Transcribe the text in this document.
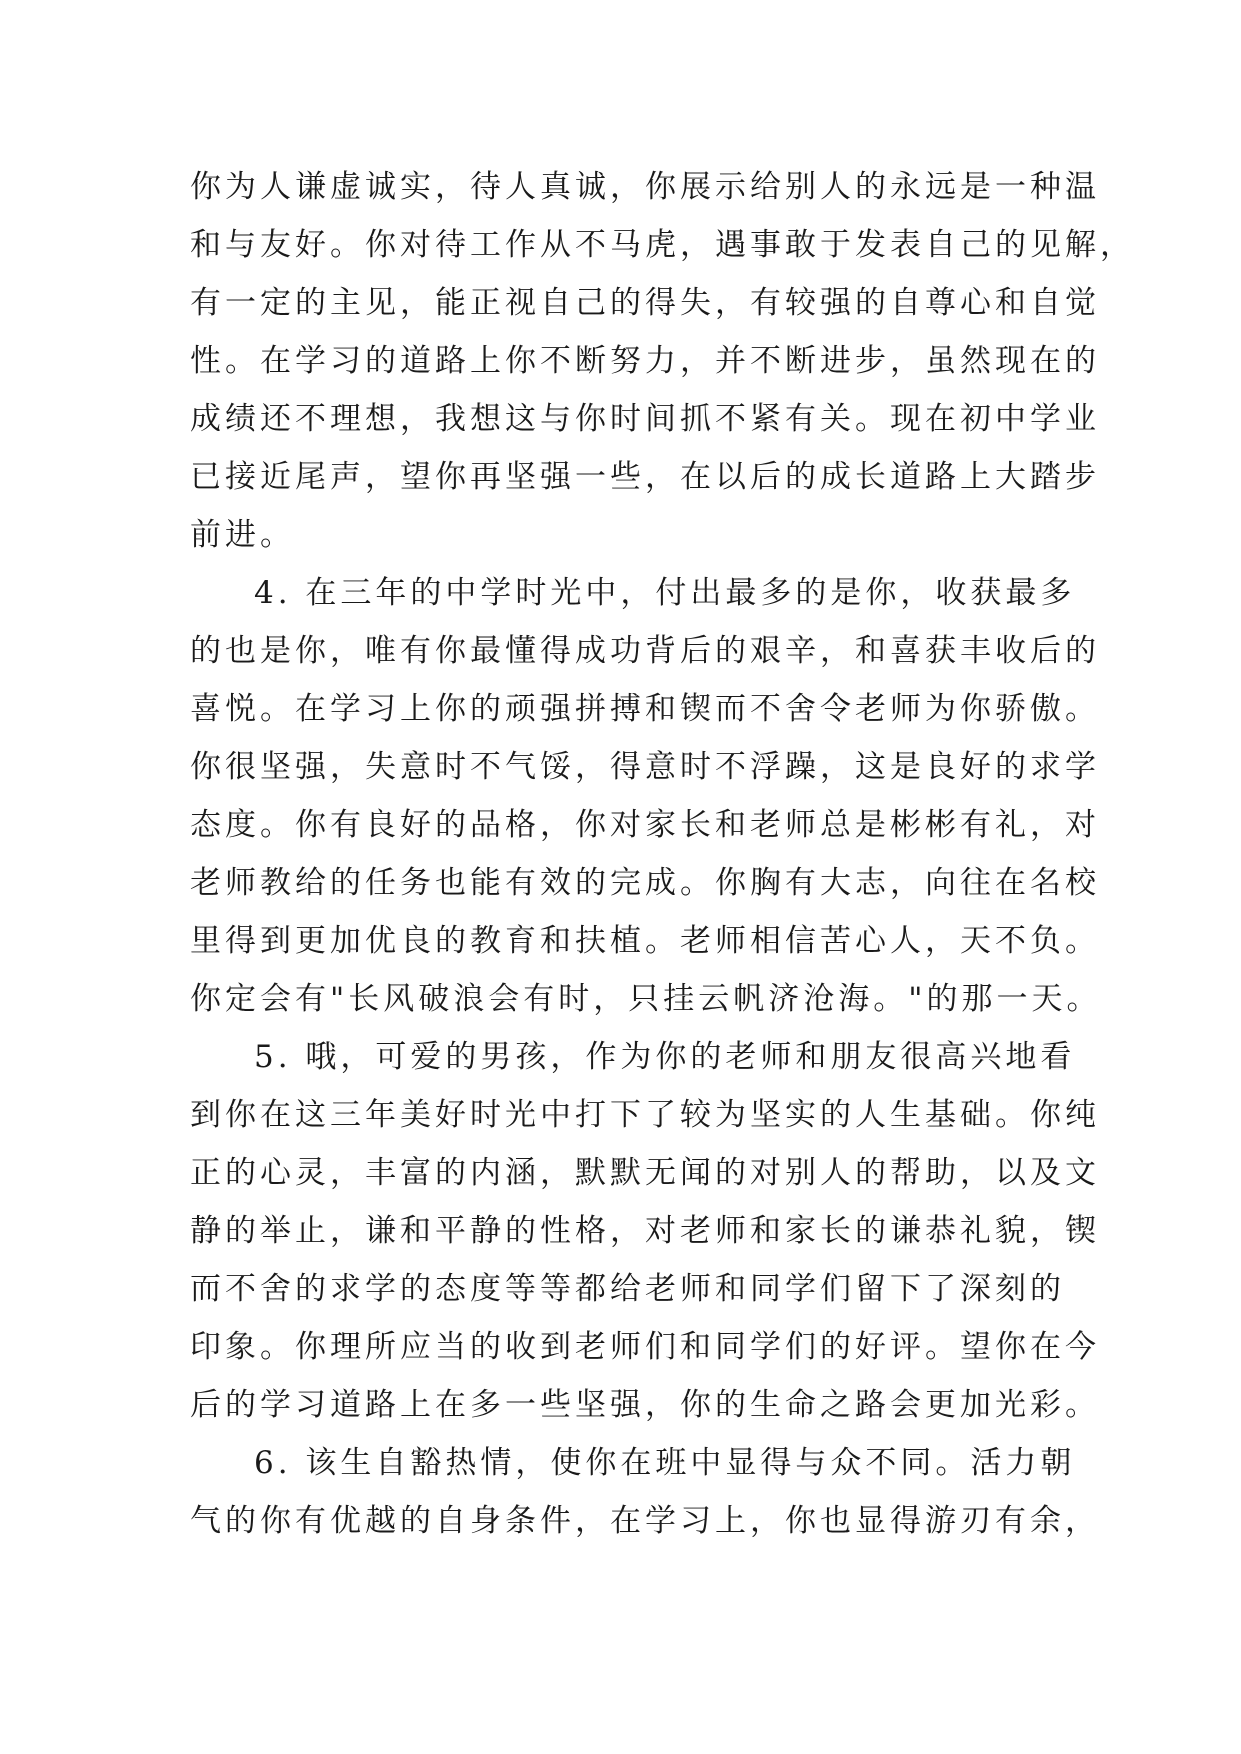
你为人谦虚诚实，待人真诚，你展示给别人的永远是一种温
和与友好。你对待工作从不马虎，遇事敢于发表自己的见解，
有一定的主见，能正视自己的得失，有较强的自尊心和自觉
性。在学习的道路上你不断努力，并不断进步，虽然现在的
成绩还不理想，我想这与你时间抓不紧有关。现在初中学业
已接近尾声，望你再坚强一些，在以后的成长道路上大踏步
前进。
4. 在三年的中学时光中，付出最多的是你，收获最多
的也是你，唯有你最懂得成功背后的艰辛，和喜获丰收后的
喜悦。在学习上你的顽强拼搏和锲而不舍令老师为你骄傲。
你很坚强，失意时不气馁，得意时不浮躁，这是良好的求学
态度。你有良好的品格，你对家长和老师总是彬彬有礼，对
老师教给的任务也能有效的完成。你胸有大志，向往在名校
里得到更加优良的教育和扶植。老师相信苦心人，天不负。
你定会有"长风破浪会有时，只挂云帆济沧海。"的那一天。
5. 哦，可爱的男孩，作为你的老师和朋友很高兴地看
到你在这三年美好时光中打下了较为坚实的人生基础。你纯
正的心灵，丰富的内涵，默默无闻的对别人的帮助，以及文
静的举止，谦和平静的性格，对老师和家长的谦恭礼貌，锲
而不舍的求学的态度等等都给老师和同学们留下了深刻的
印象。你理所应当的收到老师们和同学们的好评。望你在今
后的学习道路上在多一些坚强，你的生命之路会更加光彩。
6. 该生自豁热情，使你在班中显得与众不同。活力朝
气的你有优越的自身条件，在学习上，你也显得游刃有余，
